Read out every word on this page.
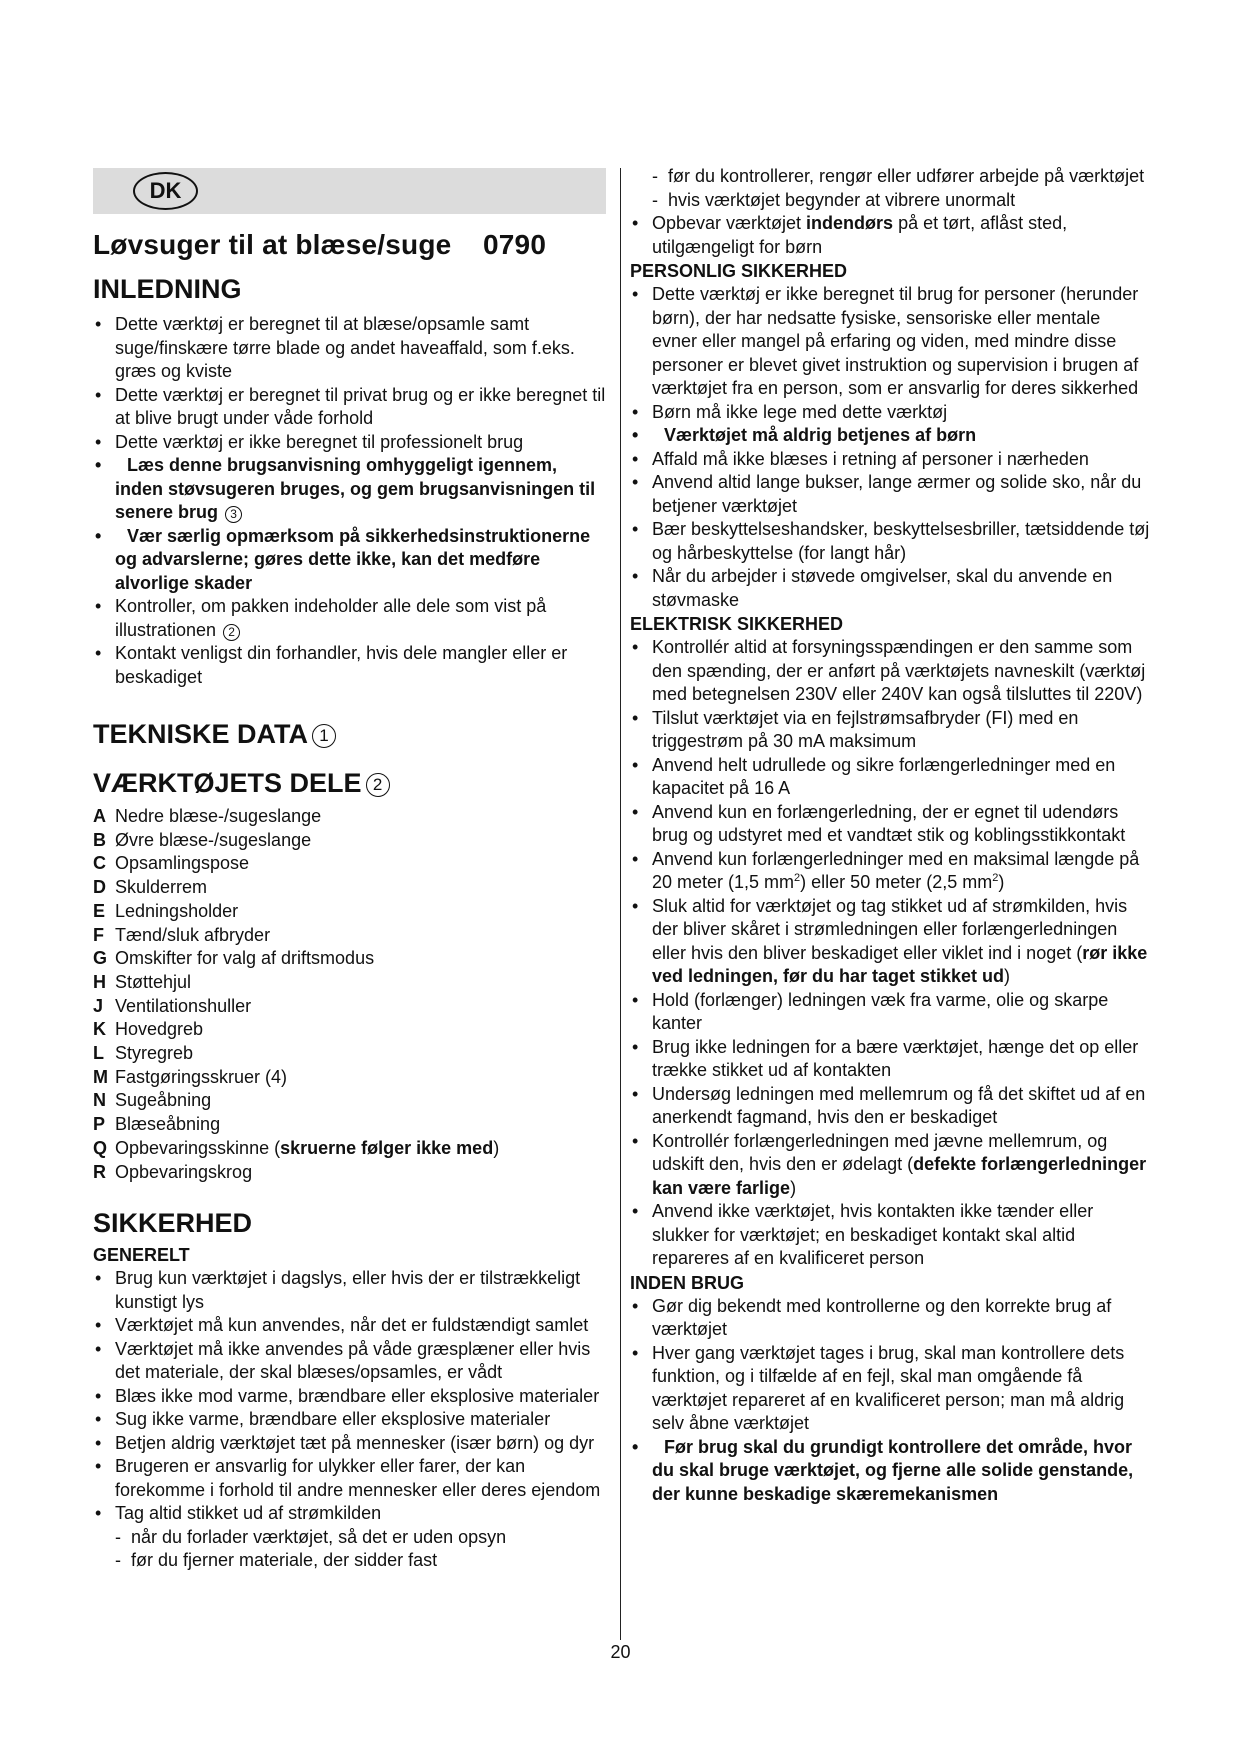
DK
Løvsuger til at blæse/suge 0790
INLEDNING
• Dette værktøj er beregnet til at blæse/opsamle samt suge/finskære tørre blade og andet haveaffald, som f.eks. græs og kviste
• Dette værktøj er beregnet til privat brug og er ikke beregnet til at blive brugt under våde forhold
• Dette værktøj er ikke beregnet til professionelt brug
• Læs denne brugsanvisning omhyggeligt igennem, inden støvsugeren bruges, og gem brugsanvisningen til senere brug 3
• Vær særlig opmærksom på sikkerhedsinstruktionerne og advarslerne; gøres dette ikke, kan det medføre alvorlige skader
• Kontroller, om pakken indeholder alle dele som vist på illustrationen 2
• Kontakt venligst din forhandler, hvis dele mangler eller er beskadiget
TEKNISKE DATA 1
VÆRKTØJETS DELE 2
A Nedre blæse-/sugeslange
B Øvre blæse-/sugeslange
C Opsamlingspose
D Skulderrem
E Ledningsholder
F Tænd/sluk afbryder
G Omskifter for valg af driftsmodus
H Støttehjul
J Ventilationshuller
K Hovedgreb
L Styregreb
M Fastgøringsskruer (4)
N Sugeåbning
P Blæseåbning
Q Opbevaringsskinne (skruerne følger ikke med)
R Opbevaringskrog
SIKKERHED
GENERELT
• Brug kun værktøjet i dagslys, eller hvis der er tilstrækkeligt kunstigt lys
• Værktøjet må kun anvendes, når det er fuldstændigt samlet
• Værktøjet må ikke anvendes på våde græsplæner eller hvis det materiale, der skal blæses/opsamles, er vådt
• Blæs ikke mod varme, brændbare eller eksplosive materialer
• Sug ikke varme, brændbare eller eksplosive materialer
• Betjen aldrig værktøjet tæt på mennesker (især børn) og dyr
• Brugeren er ansvarlig for ulykker eller farer, der kan forekomme i forhold til andre mennesker eller deres ejendom
• Tag altid stikket ud af strømkilden
- når du forlader værktøjet, så det er uden opsyn
- før du fjerner materiale, der sidder fast
- før du kontrollerer, rengør eller udfører arbejde på værktøjet
- hvis værktøjet begynder at vibrere unormalt
• Opbevar værktøjet indendørs på et tørt, aflåst sted, utilgængeligt for børn
PERSONLIG SIKKERHED
• Dette værktøj er ikke beregnet til brug for personer (herunder børn), der har nedsatte fysiske, sensoriske eller mentale evner eller mangel på erfaring og viden, med mindre disse personer er blevet givet instruktion og supervision i brugen af værktøjet fra en person, som er ansvarlig for deres sikkerhed
• Børn må ikke lege med dette værktøj
• Værktøjet må aldrig betjenes af børn
• Affald må ikke blæses i retning af personer i nærheden
• Anvend altid lange bukser, lange ærmer og solide sko, når du betjener værktøjet
• Bær beskyttelseshandsker, beskyttelsesbriller, tætsiddende tøj og hårbeskyttelse (for langt hår)
• Når du arbejder i støvede omgivelser, skal du anvende en støvmaske
ELEKTRISK SIKKERHED
• Kontrollér altid at forsyningsspændingen er den samme som den spænding, der er anført på værktøjets navneskilt (værktøj med betegnelsen 230V eller 240V kan også tilsluttes til 220V)
• Tilslut værktøjet via en fejlstrømsafbryder (FI) med en triggestrøm på 30 mA maksimum
• Anvend helt udrullede og sikre forlængerledninger med en kapacitet på 16 A
• Anvend kun en forlængerledning, der er egnet til udendørs brug og udstyret med et vandtæt stik og koblingsstikkontakt
• Anvend kun forlængerledninger med en maksimal længde på 20 meter (1,5 $mm^2$) eller 50 meter (2,5 $mm^2$)
• Sluk altid for værktøjet og tag stikket ud af strømkilden, hvis der bliver skåret i strømledningen eller forlængerledningen eller hvis den bliver beskadiget eller viklet ind i noget (rør ikke ved ledningen, før du har taget stikket ud)
• Hold (forlænger) ledningen væk fra varme, olie og skarpe kanter
• Brug ikke ledningen for a bære værktøjet, hænge det op eller trække stikket ud af kontakten
• Undersøg ledningen med mellemrum og få det skiftet ud af en anerkendt fagmand, hvis den er beskadiget
• Kontrollér forlængerledningen med jævne mellemrum, og udskift den, hvis den er ødelagt (defekte forlængerledninger kan være farlige)
• Anvend ikke værktøjet, hvis kontakten ikke tænder eller slukker for værktøjet; en beskadiget kontakt skal altid repareres af en kvalificeret person
INDEN BRUG
• Gør dig bekendt med kontrollerne og den korrekte brug af værktøjet
• Hver gang værktøjet tages i brug, skal man kontrollere dets funktion, og i tilfælde af en fejl, skal man omgående få værktøjet repareret af en kvalificeret person; man må aldrig selv åbne værktøjet
• Før brug skal du grundigt kontrollere det område, hvor du skal bruge værktøjet, og fjerne alle solide genstande, der kunne beskadige skæremekanismen
20
